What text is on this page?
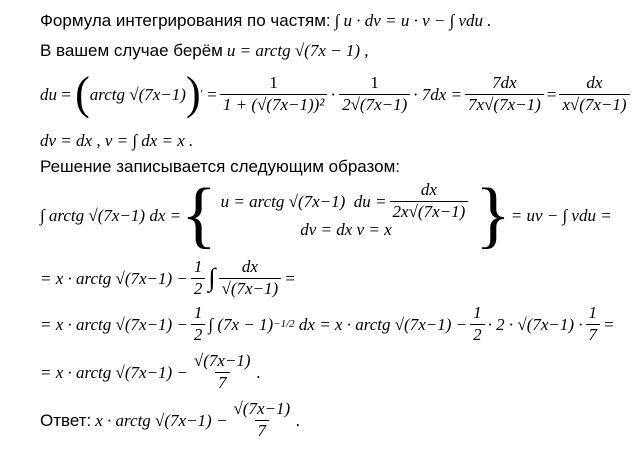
Формула интегрирования по частям: ∫ u · dv = u · v − ∫ vdu .
В вашем случае берём u = arctg √(7x − 1) ,
du = ( arctg √(7x−1) ) ′ = $\frac{1}{\text{1 + (√(7x−1))²}} \cdot \frac{1}{2√(7x-1)} \cdot 7dx = \frac{7dx}{7x√(7x-1)} = \frac{dx}{x√(7x-1)}$
dv = dx , v = ∫ dx = x .
Решение записывается следующим образом:
∫ arctg √(7x−1) dx = { u = arctg √(7x−1)
du = $\frac{dx}{2x√(7x-1)}$
dv = dx v = x } = uv − ∫ vdu =
= x · arctg $√(7x-1) - \frac{1}{2}$ ∫ $\frac{dx}{√(7x-1)}$ =
= x · arctg $√(7x-1) - \frac{1}{2}$ ∫ (7x − 1) −1/2
dx = x · arctg $√(7x-1) - \frac{1}{2} \cdot 2 \cdot √(7x-1) \cdot \frac{1}{7}$ =
= x · arctg $√(7x-1) - \frac{√(7x-1)}{7}$ .
Ответ:
x · arctg $√(7x-1) - \frac{√(7x-1)}{7}$ .
